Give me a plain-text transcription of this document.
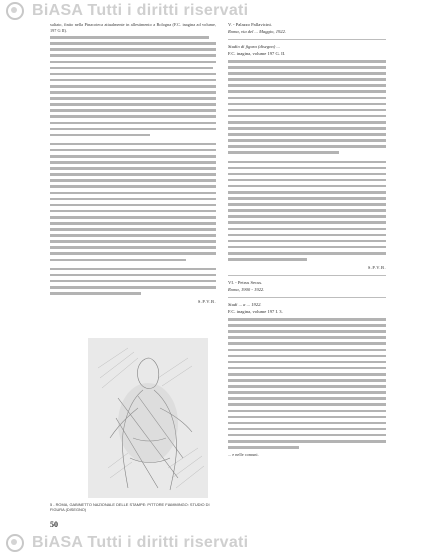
BiASA Tutti i diritti riservati

sultato, finito nella Pinacoteca attualmente in allestimento a Bologna (F.C. inagina ad volume, 197 G II).

S.P.V.B.
5 - ROMA, GABINETTO NAZIONALE DELLE STAMPE: PITTORE FIAMMINGO: STUDIO DI FIGURA (DISEGNO)
50

V. - Palazzo Pallavicini.

Roma, via del ... Maggio, 1922.

Studio di figura (disegno) ...

F.C. inagina, volume 197 G. II.

S.P.V.B.

VI. - Petrus Secus.

Roma, 1900 - 1922.

Studi ... a ... 1922.

F.C. inagina, volume 197 I. 3.

... e nelle comuni.

BiASA Tutti i diritti riservati
